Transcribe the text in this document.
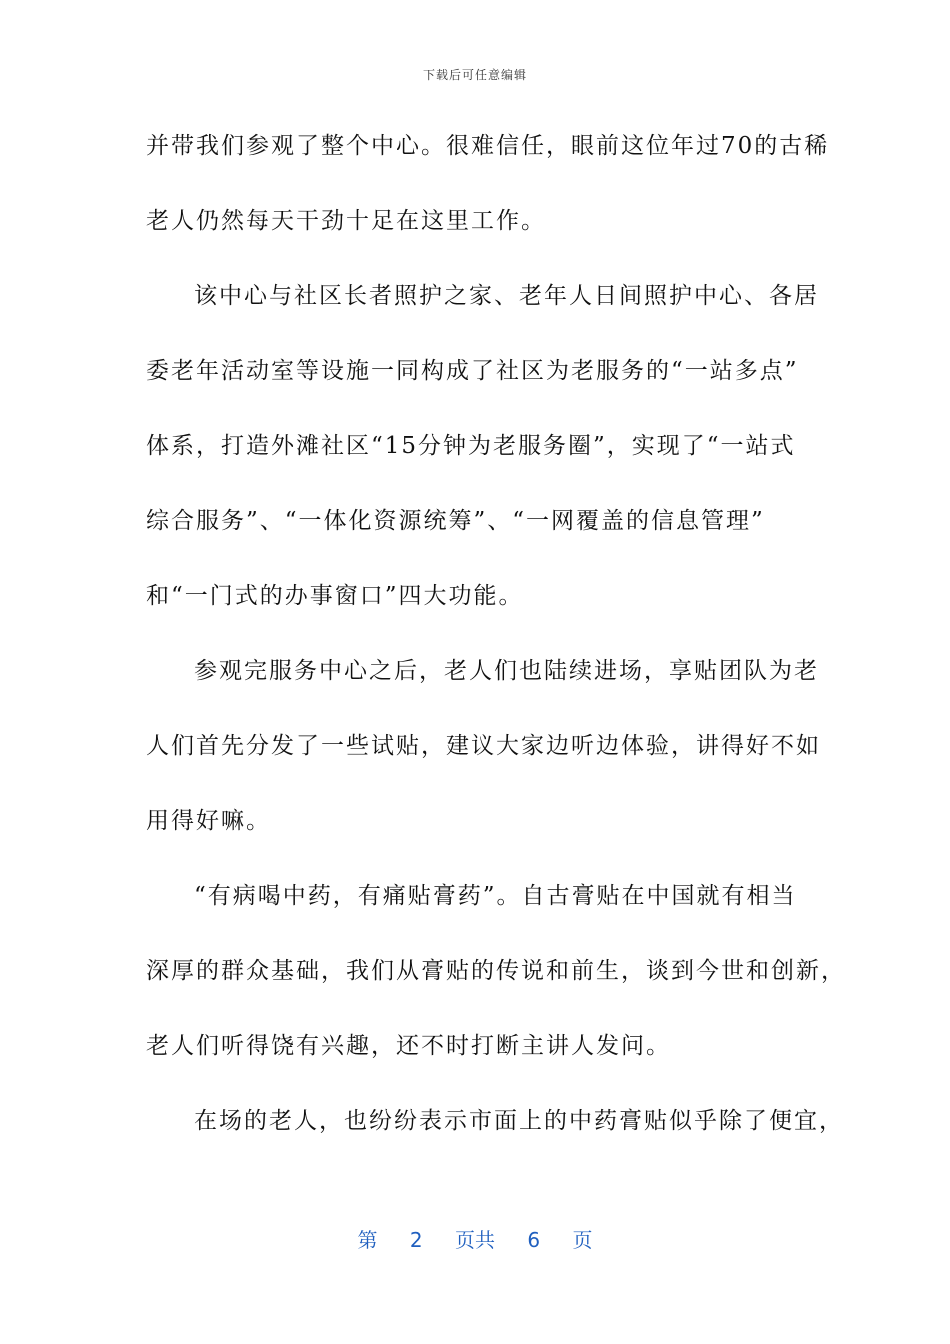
下载后可任意编辑
并带我们参观了整个中心。很难信任，眼前这位年过70的古稀
老人仍然每天干劲十足在这里工作。
该中心与社区长者照护之家、老年人日间照护中心、各居
委老年活动室等设施一同构成了社区为老服务的“一站多点”
体系，打造外滩社区“15分钟为老服务圈”，实现了“一站式
综合服务”、“一体化资源统筹”、“一网覆盖的信息管理”
和“一门式的办事窗口”四大功能。
参观完服务中心之后，老人们也陆续进场，享贴团队为老
人们首先分发了一些试贴，建议大家边听边体验，讲得好不如
用得好嘛。
“有病喝中药，有痛贴膏药”。自古膏贴在中国就有相当
深厚的群众基础，我们从膏贴的传说和前生，谈到今世和创新，
老人们听得饶有兴趣，还不时打断主讲人发问。
在场的老人，也纷纷表示市面上的中药膏贴似乎除了便宜，
第 2 页共 6 页
